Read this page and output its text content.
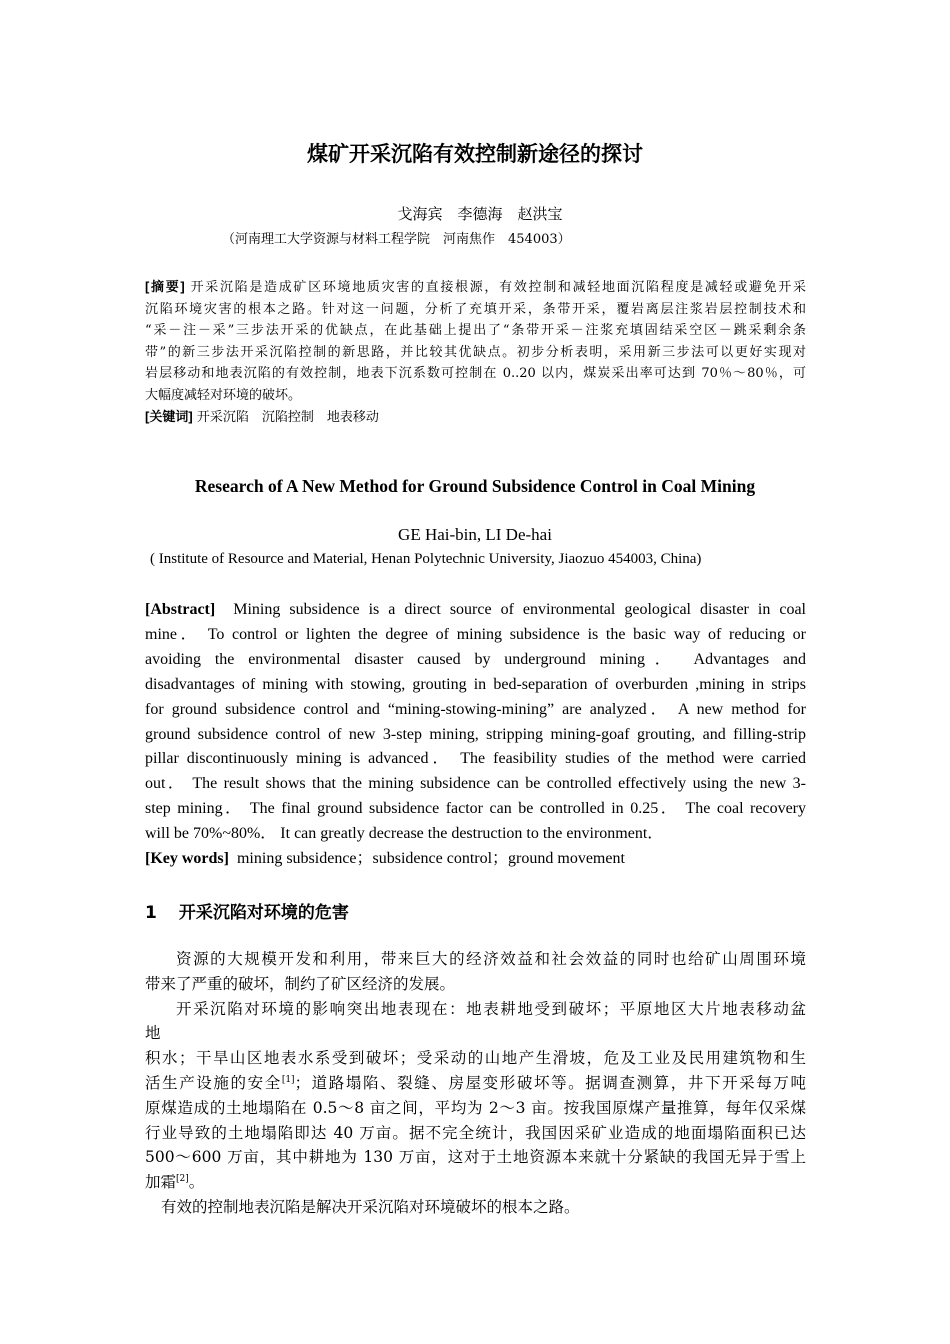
煤矿开采沉陷有效控制新途径的探讨
戈海宾　李德海　赵洪宝
（河南理工大学资源与材料工程学院　河南焦作　454003）
[摘要] 开采沉陷是造成矿区环境地质灾害的直接根源，有效控制和减轻地面沉陷程度是减轻或避免开采
沉陷环境灾害的根本之路。针对这一问题，分析了充填开采，条带开采，覆岩离层注浆岩层控制技术和
“采－注－采”三步法开采的优缺点，在此基础上提出了“条带开采－注浆充填固结采空区－跳采剩余条
带”的新三步法开采沉陷控制的新思路，并比较其优缺点。初步分析表明，采用新三步法可以更好实现对
岩层移动和地表沉陷的有效控制，地表下沉系数可控制在 0..20 以内，煤炭采出率可达到 70％～80％，可
大幅度减轻对环境的破坏。
[关键词] 开采沉陷　沉陷控制　地表移动
Research of A New Method for Ground Subsidence Control in Coal Mining
GE Hai-bin, LI De-hai
( Institute of Resource and Material, Henan Polytechnic University, Jiaozuo 454003, China)
[Abstract] Mining subsidence is a direct source of environmental geological disaster in coal
mine． To control or lighten the degree of mining subsidence is the basic way of reducing or
avoiding the environmental disaster caused by underground mining． Advantages and
disadvantages of mining with stowing, grouting in bed-separation of overburden ,mining in strips
for ground subsidence control and “mining-stowing-mining” are analyzed． A new method for
ground subsidence control of new 3-step mining, stripping mining-goaf grouting, and filling-strip
pillar discontinuously mining is advanced． The feasibility studies of the method were carried
out． The result shows that the mining subsidence can be controlled effectively using the new 3-
step mining． The final ground subsidence factor can be controlled in 0.25． The coal recovery
will be 70%~80%． It can greatly decrease the destruction to the environment．
[Key words] mining subsidence；subsidence control；ground movement
1 开采沉陷对环境的危害
资源的大规模开发和利用，带来巨大的经济效益和社会效益的同时也给矿山周围环境
带来了严重的破坏，制约了矿区经济的发展。
开采沉陷对环境的影响突出地表现在：地表耕地受到破坏；平原地区大片地表移动盆
地
积水；干旱山区地表水系受到破坏；受采动的山地产生滑坡，危及工业及民用建筑物和生
活生产设施的安全[1]；道路塌陷、裂缝、房屋变形破坏等。据调查测算，井下开采每万吨
原煤造成的土地塌陷在 0.5～8 亩之间，平均为 2～3 亩。按我国原煤产量推算，每年仅采煤
行业导致的土地塌陷即达 40 万亩。据不完全统计，我国因采矿业造成的地面塌陷面积已达
500～600 万亩，其中耕地为 130 万亩，这对于土地资源本来就十分紧缺的我国无异于雪上
加霜[2]。
有效的控制地表沉陷是解决开采沉陷对环境破坏的根本之路。
